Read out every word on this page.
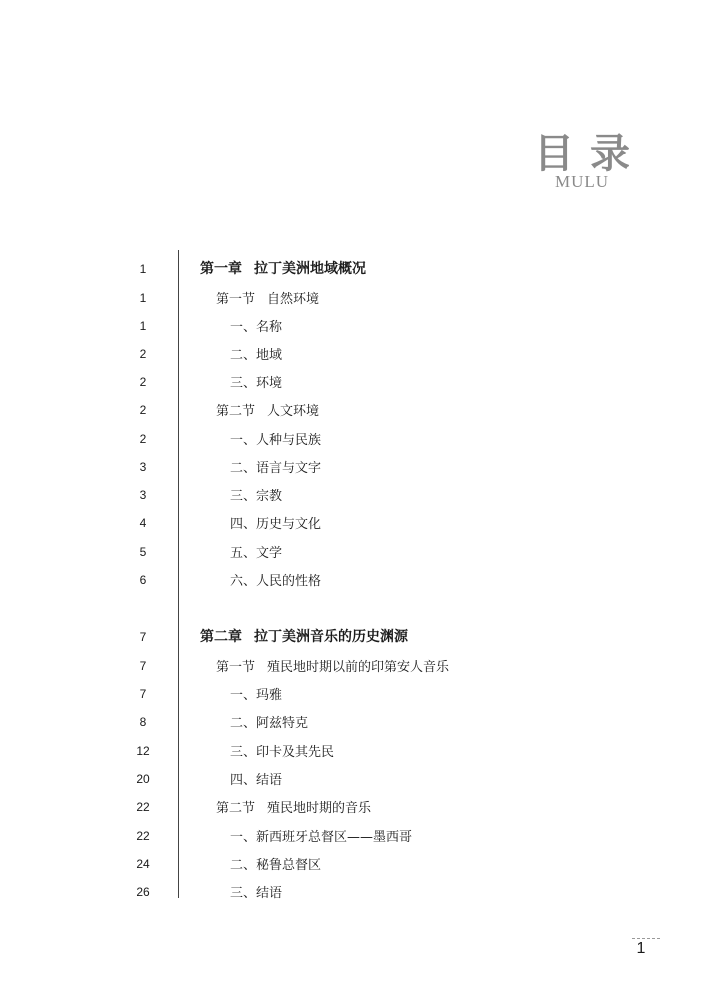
目录
MULU
1	第一章 拉丁美洲地域概况
1	第一节 自然环境
1	一、名称
2	二、地域
2	三、环境
2	第二节 人文环境
2	一、人种与民族
3	二、语言与文字
3	三、宗教
4	四、历史与文化
5	五、文学
6	六、人民的性格
7	第二章 拉丁美洲音乐的历史渊源
7	第一节 殖民地时期以前的印第安人音乐
7	一、玛雅
8	二、阿兹特克
12	三、印卡及其先民
20	四、结语
22	第二节 殖民地时期的音乐
22	一、新西班牙总督区——墨西哥
24	二、秘鲁总督区
26	三、结语
1
